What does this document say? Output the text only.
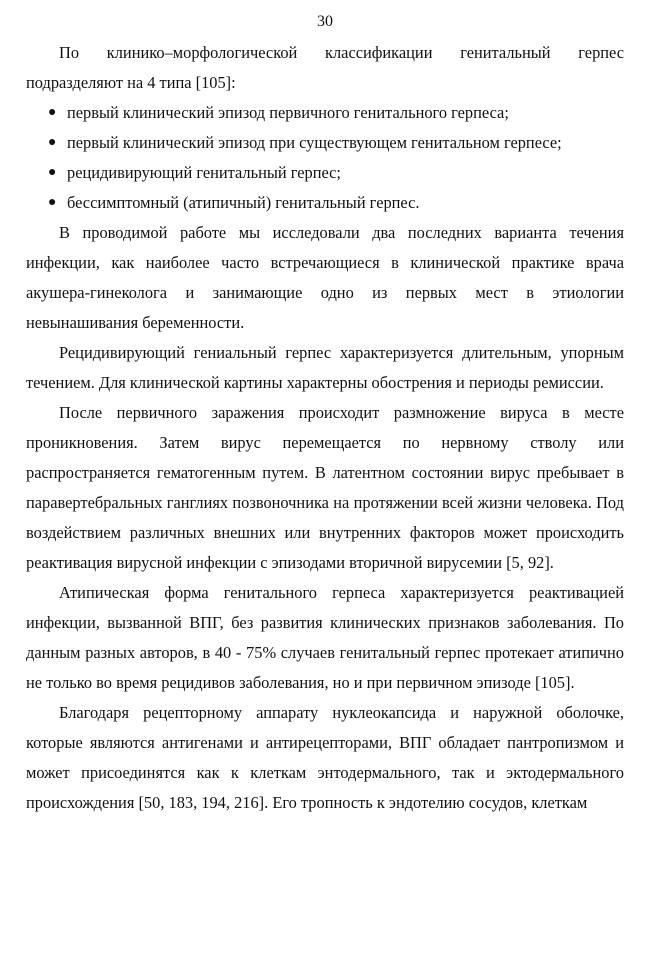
30

По клинико–морфологической классификации генитальный герпес подразделяют на 4 типа [105]:

● первый клинический эпизод первичного генитального герпеса;
● первый клинический эпизод при существующем генитальном герпесе;
● рецидивирующий генитальный герпес;
● бессимптомный (атипичный) генитальный герпес.

В проводимой работе мы исследовали два последних варианта течения инфекции, как наиболее часто встречающиеся в клинической практике врача акушера-гинеколога и занимающие одно из первых мест в этиологии невынашивания беременности.

Рецидивирующий гениальный герпес характеризуется длительным, упорным течением. Для клинической картины характерны обострения и периоды ремиссии.

После первичного заражения происходит размножение вируса в месте проникновения. Затем вирус перемещается по нервному стволу или распространяется гематогенным путем. В латентном состоянии вирус пребывает в паравертебральных ганглиях позвоночника на протяжении всей жизни человека. Под воздействием различных внешних или внутренних факторов может происходить реактивация вирусной инфекции с эпизодами вторичной вирусемии [5, 92].

Атипическая форма генитального герпеса характеризуется реактивацией инфекции, вызванной ВПГ, без развития клинических признаков заболевания. По данным разных авторов, в 40 - 75% случаев генитальный герпес протекает атипично не только во время рецидивов заболевания, но и при первичном эпизоде [105].

Благодаря рецепторному аппарату нуклеокапсида и наружной оболочке, которые являются антигенами и антирецепторами, ВПГ обладает пантропизмом и может присоединятся как к клеткам энтодермального, так и эктодермального происхождения [50, 183, 194, 216]. Его тропность к эндотелию сосудов, клеткам
